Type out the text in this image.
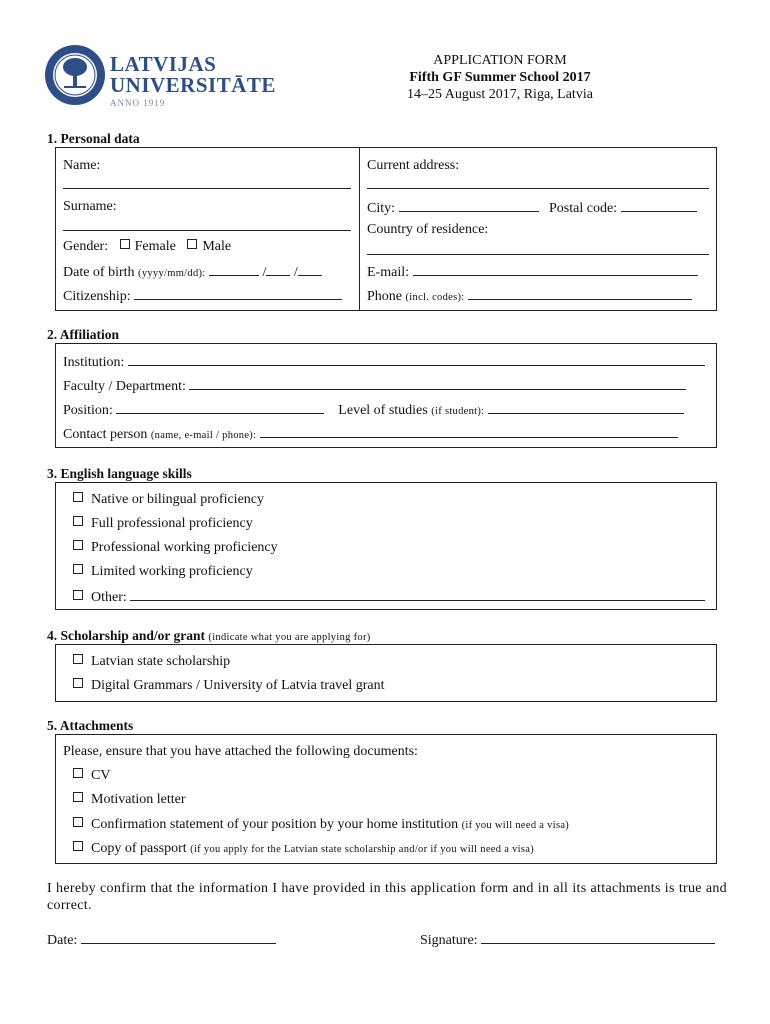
LATVIJAS
UNIVERSITĀTE
ANNO 1919
APPLICATION FORM
Fifth GF Summer School 2017
14–25 August 2017, Riga, Latvia
1. Personal data
Name:
Surname:
Gender: Female Male
Date of birth (yyyy/mm/dd):	/ /
Citizenship:
Current address:
City:	Postal code:
Country of residence:
E-mail:
Phone (incl. codes):
2. Affiliation
Institution:
Faculty / Department:
Position:	Level of studies (if student):
Contact person (name, e-mail / phone):
3. English language skills
Native or bilingual proficiency
Full professional proficiency
Professional working proficiency
Limited working proficiency
Other:
4. Scholarship and/or grant (indicate what you are applying for)
Latvian state scholarship
Digital Grammars / University of Latvia travel grant
5. Attachments
Please, ensure that you have attached the following documents:
CV
Motivation letter
Confirmation statement of your position by your home institution (if you will need a visa)
Copy of passport (if you apply for the Latvian state scholarship and/or if you will need a visa)
I hereby confirm that the information I have provided in this application form and in all its attachments is true and correct.
Date:	Signature:
